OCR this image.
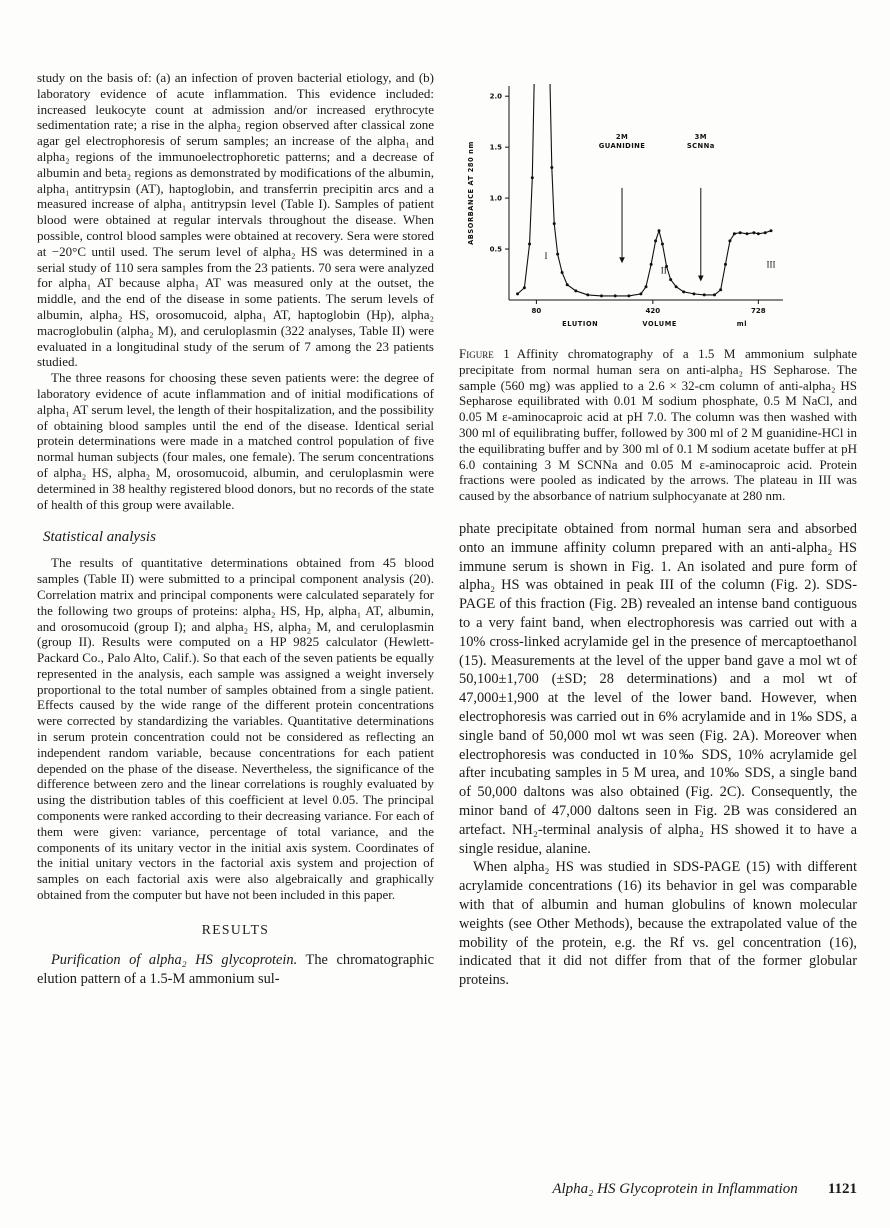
study on the basis of: (a) an infection of proven bacterial etiology, and (b) laboratory evidence of acute inflammation. This evidence included: increased leukocyte count at admission and/or increased erythrocyte sedimentation rate; a rise in the alpha₂ region observed after classical zone agar gel electrophoresis of serum samples; an increase of the alpha₁ and alpha₂ regions of the immunoelectrophoretic patterns; and a decrease of albumin and beta₂ regions as demonstrated by modifications of the albumin, alpha₁ antitrypsin (AT), haptoglobin, and transferrin precipitin arcs and a measured increase of alpha₁ antitrypsin level (Table I). Samples of patient blood were obtained at regular intervals throughout the disease. When possible, control blood samples were obtained at recovery. Sera were stored at −20°C until used. The serum level of alpha₂ HS was determined in a serial study of 110 sera samples from the 23 patients. 70 sera were analyzed for alpha₁ AT because alpha₁ AT was measured only at the outset, the middle, and the end of the disease in some patients. The serum levels of albumin, alpha₂ HS, orosomucoid, alpha₁ AT, haptoglobin (Hp), alpha₂ macroglobulin (alpha₂ M), and ceruloplasmin (322 analyses, Table II) were evaluated in a longitudinal study of the serum of 7 among the 23 patients studied.

The three reasons for choosing these seven patients were: the degree of laboratory evidence of acute inflammation and of initial modifications of alpha₁ AT serum level, the length of their hospitalization, and the possibility of obtaining blood samples until the end of the disease. Identical serial protein determinations were made in a matched control population of five normal human subjects (four males, one female). The serum concentrations of alpha₂ HS, alpha₂ M, orosomucoid, albumin, and ceruloplasmin were determined in 38 healthy registered blood donors, but no records of the state of health of this group were available.

Statistical analysis

The results of quantitative determinations obtained from 45 blood samples (Table II) were submitted to a principal component analysis (20). Correlation matrix and principal components were calculated separately for the following two groups of proteins: alpha₂ HS, Hp, alpha₁ AT, albumin, and orosomucoid (group I); and alpha₂ HS, alpha₂ M, and ceruloplasmin (group II). Results were computed on a HP 9825 calculator (Hewlett-Packard Co., Palo Alto, Calif.). So that each of the seven patients be equally represented in the analysis, each sample was assigned a weight inversely proportional to the total number of samples obtained from a single patient. Effects caused by the wide range of the different protein concentrations were corrected by standardizing the variables. Quantitative determinations in serum protein concentration could not be considered as reflecting an independent random variable, because concentrations for each patient depended on the phase of the disease. Nevertheless, the significance of the difference between zero and the linear correlations is roughly evaluated by using the distribution tables of this coefficient at level 0.05. The principal components were ranked according to their decreasing variance. For each of them were given: variance, percentage of total variance, and the components of its unitary vector in the initial axis system. Coordinates of the initial unitary vectors in the factorial axis system and projection of samples on each factorial axis were also algebraically and graphically obtained from the computer but have not been included in this paper.

RESULTS

Purification of alpha₂ HS glycoprotein. The chromatographic elution pattern of a 1.5-M ammonium sul-

0.5
1.0
1.5
2.0
80	420	728
ELUTION	VOLUME	ml
ABSORBANCE AT 280 nm
2M
GUANIDINE
3M
SCNNa
I
II
III

Figure 1 Affinity chromatography of a 1.5 M ammonium sulphate precipitate from normal human sera on anti-alpha₂ HS Sepharose. The sample (560 mg) was applied to a 2.6 × 32-cm column of anti-alpha₂ HS Sepharose equilibrated with 0.01 M sodium phosphate, 0.5 M NaCl, and 0.05 M ε-aminocaproic acid at pH 7.0. The column was then washed with 300 ml of equilibrating buffer, followed by 300 ml of 2 M guanidine-HCl in the equilibrating buffer and by 300 ml of 0.1 M sodium acetate buffer at pH 6.0 containing 3 M SCNNa and 0.05 M ε-aminocaproic acid. Protein fractions were pooled as indicated by the arrows. The plateau in III was caused by the absorbance of natrium sulphocyanate at 280 nm.

phate precipitate obtained from normal human sera and absorbed onto an immune affinity column prepared with an anti-alpha₂ HS immune serum is shown in Fig. 1. An isolated and pure form of alpha₂ HS was obtained in peak III of the column (Fig. 2). SDS-PAGE of this fraction (Fig. 2B) revealed an intense band contiguous to a very faint band, when electrophoresis was carried out with a 10% cross-linked acrylamide gel in the presence of mercaptoethanol (15). Measurements at the level of the upper band gave a mol wt of 50,100±1,700 (±SD; 28 determinations) and a mol wt of 47,000±1,900 at the level of the lower band. However, when electrophoresis was carried out in 6% acrylamide and in 1‰ SDS, a single band of 50,000 mol wt was seen (Fig. 2A). Moreover when electrophoresis was conducted in 10‰ SDS, 10% acrylamide gel after incubating samples in 5 M urea, and 10‰ SDS, a single band of 50,000 daltons was also obtained (Fig. 2C). Consequently, the minor band of 47,000 daltons seen in Fig. 2B was considered an artefact. NH₂-terminal analysis of alpha₂ HS showed it to have a single residue, alanine.

When alpha₂ HS was studied in SDS-PAGE (15) with different acrylamide concentrations (16) its behavior in gel was comparable with that of albumin and human globulins of known molecular weights (see Other Methods), because the extrapolated value of the mobility of the protein, e.g. the Rf vs. gel concentration (16), indicated that it did not differ from that of the former globular proteins.

Alpha₂ HS Glycoprotein in Inflammation 1121
